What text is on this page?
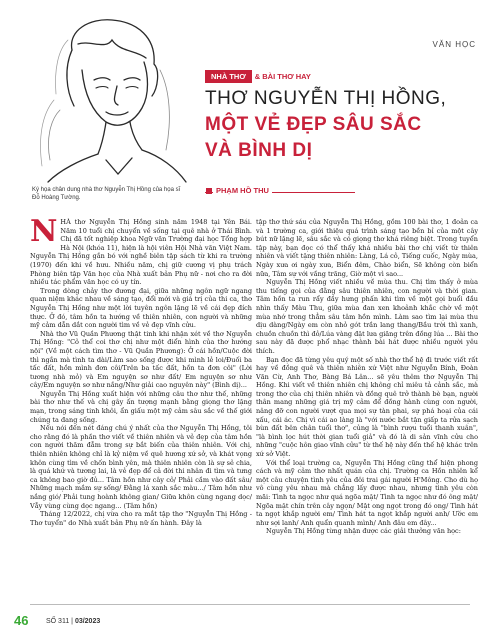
VĂN HỌC
NHÀ THƠ	& BÀI THƠ HAY
THƠ NGUYỄN THỊ HỒNG,
MỘT VẺ ĐẸP SÂU SẮC
VÀ BÌNH DỊ
Ký họa chân dung nhà thơ Nguyễn Thị Hồng của họa sĩ Đỗ Hoàng Tường.
PHẠM HỒ THU

NHÀ thơ Nguyễn Thị Hồng sinh năm 1948 tại Yên Bái. Năm 10 tuổi chị chuyển về sống tại quê nhà ở Thái Bình. Chị đã tốt nghiệp khoa Ngữ văn Trường đại học Tổng hợp Hà Nội (khóa 11), hiện là hội viên Hội Nhà văn Việt Nam. Nguyễn Thị Hồng gắn bó với nghề biên tập sách từ khi ra trường (1970) đến khi về hưu. Nhiều năm, chị giữ cương vị phụ trách Phòng biên tập Văn học của Nhà xuất bản Phụ nữ - nơi cho ra đời nhiều tác phẩm văn học có uy tín.

Trong dòng chảy thơ đương đại, giữa những ngôn ngữ ngang quan niệm khác nhau về sáng tạo, đổi mới và giá trị của thi ca, thơ Nguyễn Thị Hồng như một lời tuyên ngôn lặng lẽ về cái đẹp đích thực. Ở đó, tâm hồn ta hướng về thiên nhiên, con người và những mỹ cảm dẫn dắt con người tìm về vẻ đẹp vĩnh cửu.

Nhà thơ Vũ Quần Phương thật tinh khi nhận xét về thơ Nguyễn Thị Hồng: "Cỏ thể coi thơ chị như một điển hình của thơ hướng nội" (Về một cách tìm thơ - Vũ Quần Phương): Ở cái hồn/Cuộc đời thì ngắn mà tình ta dài/Làm sao sống được khi mình lẻ loi/Đuối ba tấc đất, hồn mình đơn côi/Trên ba tấc đất, hồn ta đơn côi" (Lời tương nhà mỏ) và Em nguyện sơ như đất/ Em nguyện sơ như cây/Em nguyện sơ như nắng/Như giải cao nguyên này" (Bình dị)...

Nguyễn Thị Hồng xuất hiện với những câu thơ như thế, những bài thơ như thế và chị gây ấn tượng mạnh bằng giọng thơ lặng mạn, trong sáng tinh khôi, ẩn giấu một mỹ cảm sâu sắc về thế giới chúng ta đang sống.

Nếu nói đến nét đáng chú ý nhất của thơ Nguyễn Thị Hồng, tôi cho rằng đó là phần thơ viết về thiên nhiên và vẻ đẹp của tâm hồn con người thăm đẫm trong sự bắt biến của thiên nhiên. Với chị, thiên nhiên không chỉ là kỷ niệm về quê hương xứ sở, và khát vọng khôn cùng tìm về chốn bình yên, mà thiên nhiên còn là sự sẻ chia, là quá khứ và tương lai, là vẻ đẹp để cả đời thi nhân đi tìm và tưng ca không bao giờ đủ... Tâm hồn như cây cỏ/ Phải cầm vào đất sâu/ Những mạch mầm sự sống/ Đằng lá xanh sắc màu.../ Tâm hồn như nắng gió/ Phải tung hoành không gian/ Giữa khôn cùng ngang dọc/ Vẫy vùng cùng dọc ngang... (Tâm hồn)

Tháng 12/2022, chị vừa cho ra mắt tập thơ "Nguyễn Thị Hồng - Thơ tuyển" do Nhà xuất bản Phụ nữ ấn hành. Đây là

tập thơ thứ sáu của Nguyễn Thị Hồng, gồm 100 bài thơ, 1 đoản ca và 1 trường ca, giới thiệu quá trình sáng tạo bền bỉ của một cây bút nữ lặng lẽ, sâu sắc và có giọng thơ khá riêng biệt. Trong tuyển tập này, bạn đọc có thể thấy khá nhiều bài thơ chị viết từ thiên nhiên và viết tặng thiên nhiên: Làng, Lá cỏ, Tiếng cuốc, Ngày mùa, Ngày xưa ơi ngày xưa, Biển đêm, Chào biển, Sẽ không còn biển nữa, Tâm sự với vầng trăng, Giờ một vì sao...

Nguyễn Thị Hồng viết nhiều về mùa thu. Chị tìm thấy ở mùa thu tiếng gọi của đằng sâu thiên nhiên, con người và thời gian. Tâm hồn ta run rẩy đầy hưng phấn khi tìm về một gọi buổi đầu nhìn thấy Màu Thu, giữa mùa đan xen khoảnh khắc chờ về một mùa nhớ trong thẳm sâu tâm hồn mình. Làm sao tìm lại mùa thu dịu dàng/Ngày em còn nhỏ gót trần lang thang/Bầu trời thì xanh, chuồn chuồn thì đỏ/Lúa vàng đặt lưa giăng trên đồng lúa ... Bài thơ sau này đã được phổ nhạc thành bài hát được nhiều người yêu thích.

Bạn đọc đã từng yêu quý một số nhà thơ thể hệ đi trước viết rất hay về đồng quê và thiên nhiên xứ Việt như Nguyễn Bính, Đoàn Văn Cừ, Anh Thơ, Bàng Bá Lân... sẽ yêu thêm thơ Nguyễn Thị Hồng. Khi viết về thiên nhiên chị không chỉ miêu tả cảnh sắc, mà trong thơ của chị thiên nhiên và đồng quê trở thành bè bạn, người thân mang những giá trị mỹ cảm để đồng hành cùng con người, nâng đỡ con người vượt qua mọi sự tàn phai, sự phá hoại của cái xấu, cái ác. Chị vì cái ao làng là "với nước bắt tận giấp ta rửa sạch bùn đất bên chân tuổi thơ", củng là "bình rượu tuổi thanh xuân", "là bình lọc hút thời gian tuổi giả" và đó là di sản vĩnh cửu cho những "cuộc hôn giao vĩnh cửu" từ thế hệ này đến thế hệ khác trên xứ sở Việt.

Với thể loại trường ca, Nguyễn Thị Hồng cũng thể hiện phong cách và mỹ cảm thơ nhất quán của chị. Trường ca Hồn nhiên kể một câu chuyện tình yêu của đôi trai gái người H'Mông. Cho dù họ vô cùng yêu nhau mà chẳng lấy được nhau, nhưng tình yêu còn mãi: Tình ta ngọc như quá ngõa mặt/ Tình ta ngọc như đó ông mặt/ Ngõa mặt chín trên cây ngọn/ Mật ong ngọt trong đó ong/ Tình hát ta ngọt khắp người em/ Tình hát ta ngọt khắp người anh/ Ước em như sợi lanh/ Anh quẩn quanh mình/ Anh đâu em đây...

Nguyễn Thị Hồng từng nhận được các giải thưởng văn học:

46	SỐ 311 | 03/2023
